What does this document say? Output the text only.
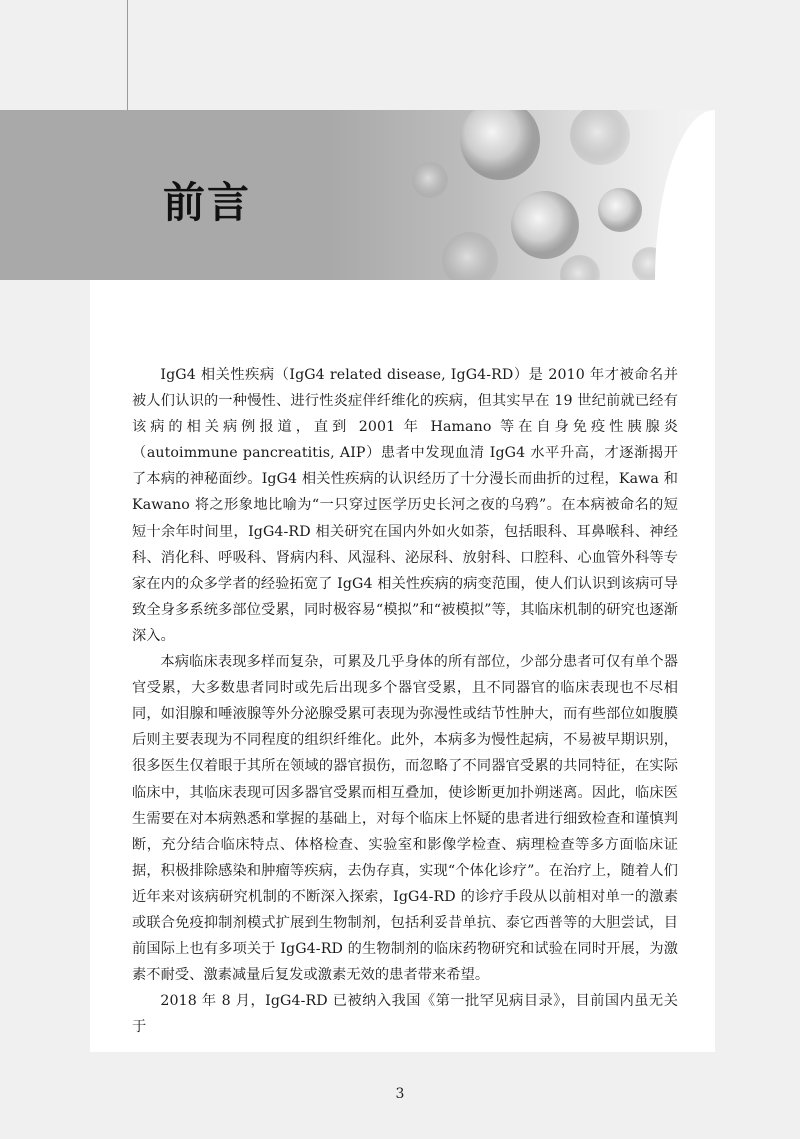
前言

IgG4 相关性疾病（IgG4 related disease, IgG4-RD）是 2010 年才被命名并被人们认识的一种慢性、进行性炎症伴纤维化的疾病，但其实早在 19 世纪前就已经有该病的相关病例报道，直到 2001 年 Hamano 等在自身免疫性胰腺炎（autoimmune pancreatitis, AIP）患者中发现血清 IgG4 水平升高，才逐渐揭开了本病的神秘面纱。IgG4 相关性疾病的认识经历了十分漫长而曲折的过程，Kawa 和 Kawano 将之形象地比喻为“一只穿过医学历史长河之夜的乌鸦”。在本病被命名的短短十余年时间里，IgG4-RD 相关研究在国内外如火如荼，包括眼科、耳鼻喉科、神经科、消化科、呼吸科、肾病内科、风湿科、泌尿科、放射科、口腔科、心血管外科等专家在内的众多学者的经验拓宽了 IgG4 相关性疾病的病变范围，使人们认识到该病可导致全身多系统多部位受累，同时极容易“模拟”和“被模拟”等，其临床机制的研究也逐渐深入。

本病临床表现多样而复杂，可累及几乎身体的所有部位，少部分患者可仅有单个器官受累，大多数患者同时或先后出现多个器官受累，且不同器官的临床表现也不尽相同，如泪腺和唾液腺等外分泌腺受累可表现为弥漫性或结节性肿大，而有些部位如腹膜后则主要表现为不同程度的组织纤维化。此外，本病多为慢性起病，不易被早期识别，很多医生仅着眼于其所在领域的器官损伤，而忽略了不同器官受累的共同特征，在实际临床中，其临床表现可因多器官受累而相互叠加，使诊断更加扑朔迷离。因此，临床医生需要在对本病熟悉和掌握的基础上，对每个临床上怀疑的患者进行细致检查和谨慎判断，充分结合临床特点、体格检查、实验室和影像学检查、病理检查等多方面临床证据，积极排除感染和肿瘤等疾病，去伪存真，实现“个体化诊疗”。在治疗上，随着人们近年来对该病研究机制的不断深入探索，IgG4-RD 的诊疗手段从以前相对单一的激素或联合免疫抑制剂模式扩展到生物制剂，包括利妥昔单抗、泰它西普等的大胆尝试，目前国际上也有多项关于 IgG4-RD 的生物制剂的临床药物研究和试验在同时开展，为激素不耐受、激素减量后复发或激素无效的患者带来希望。

2018 年 8 月，IgG4-RD 已被纳入我国《第一批罕见病目录》，目前国内虽无关于

3
